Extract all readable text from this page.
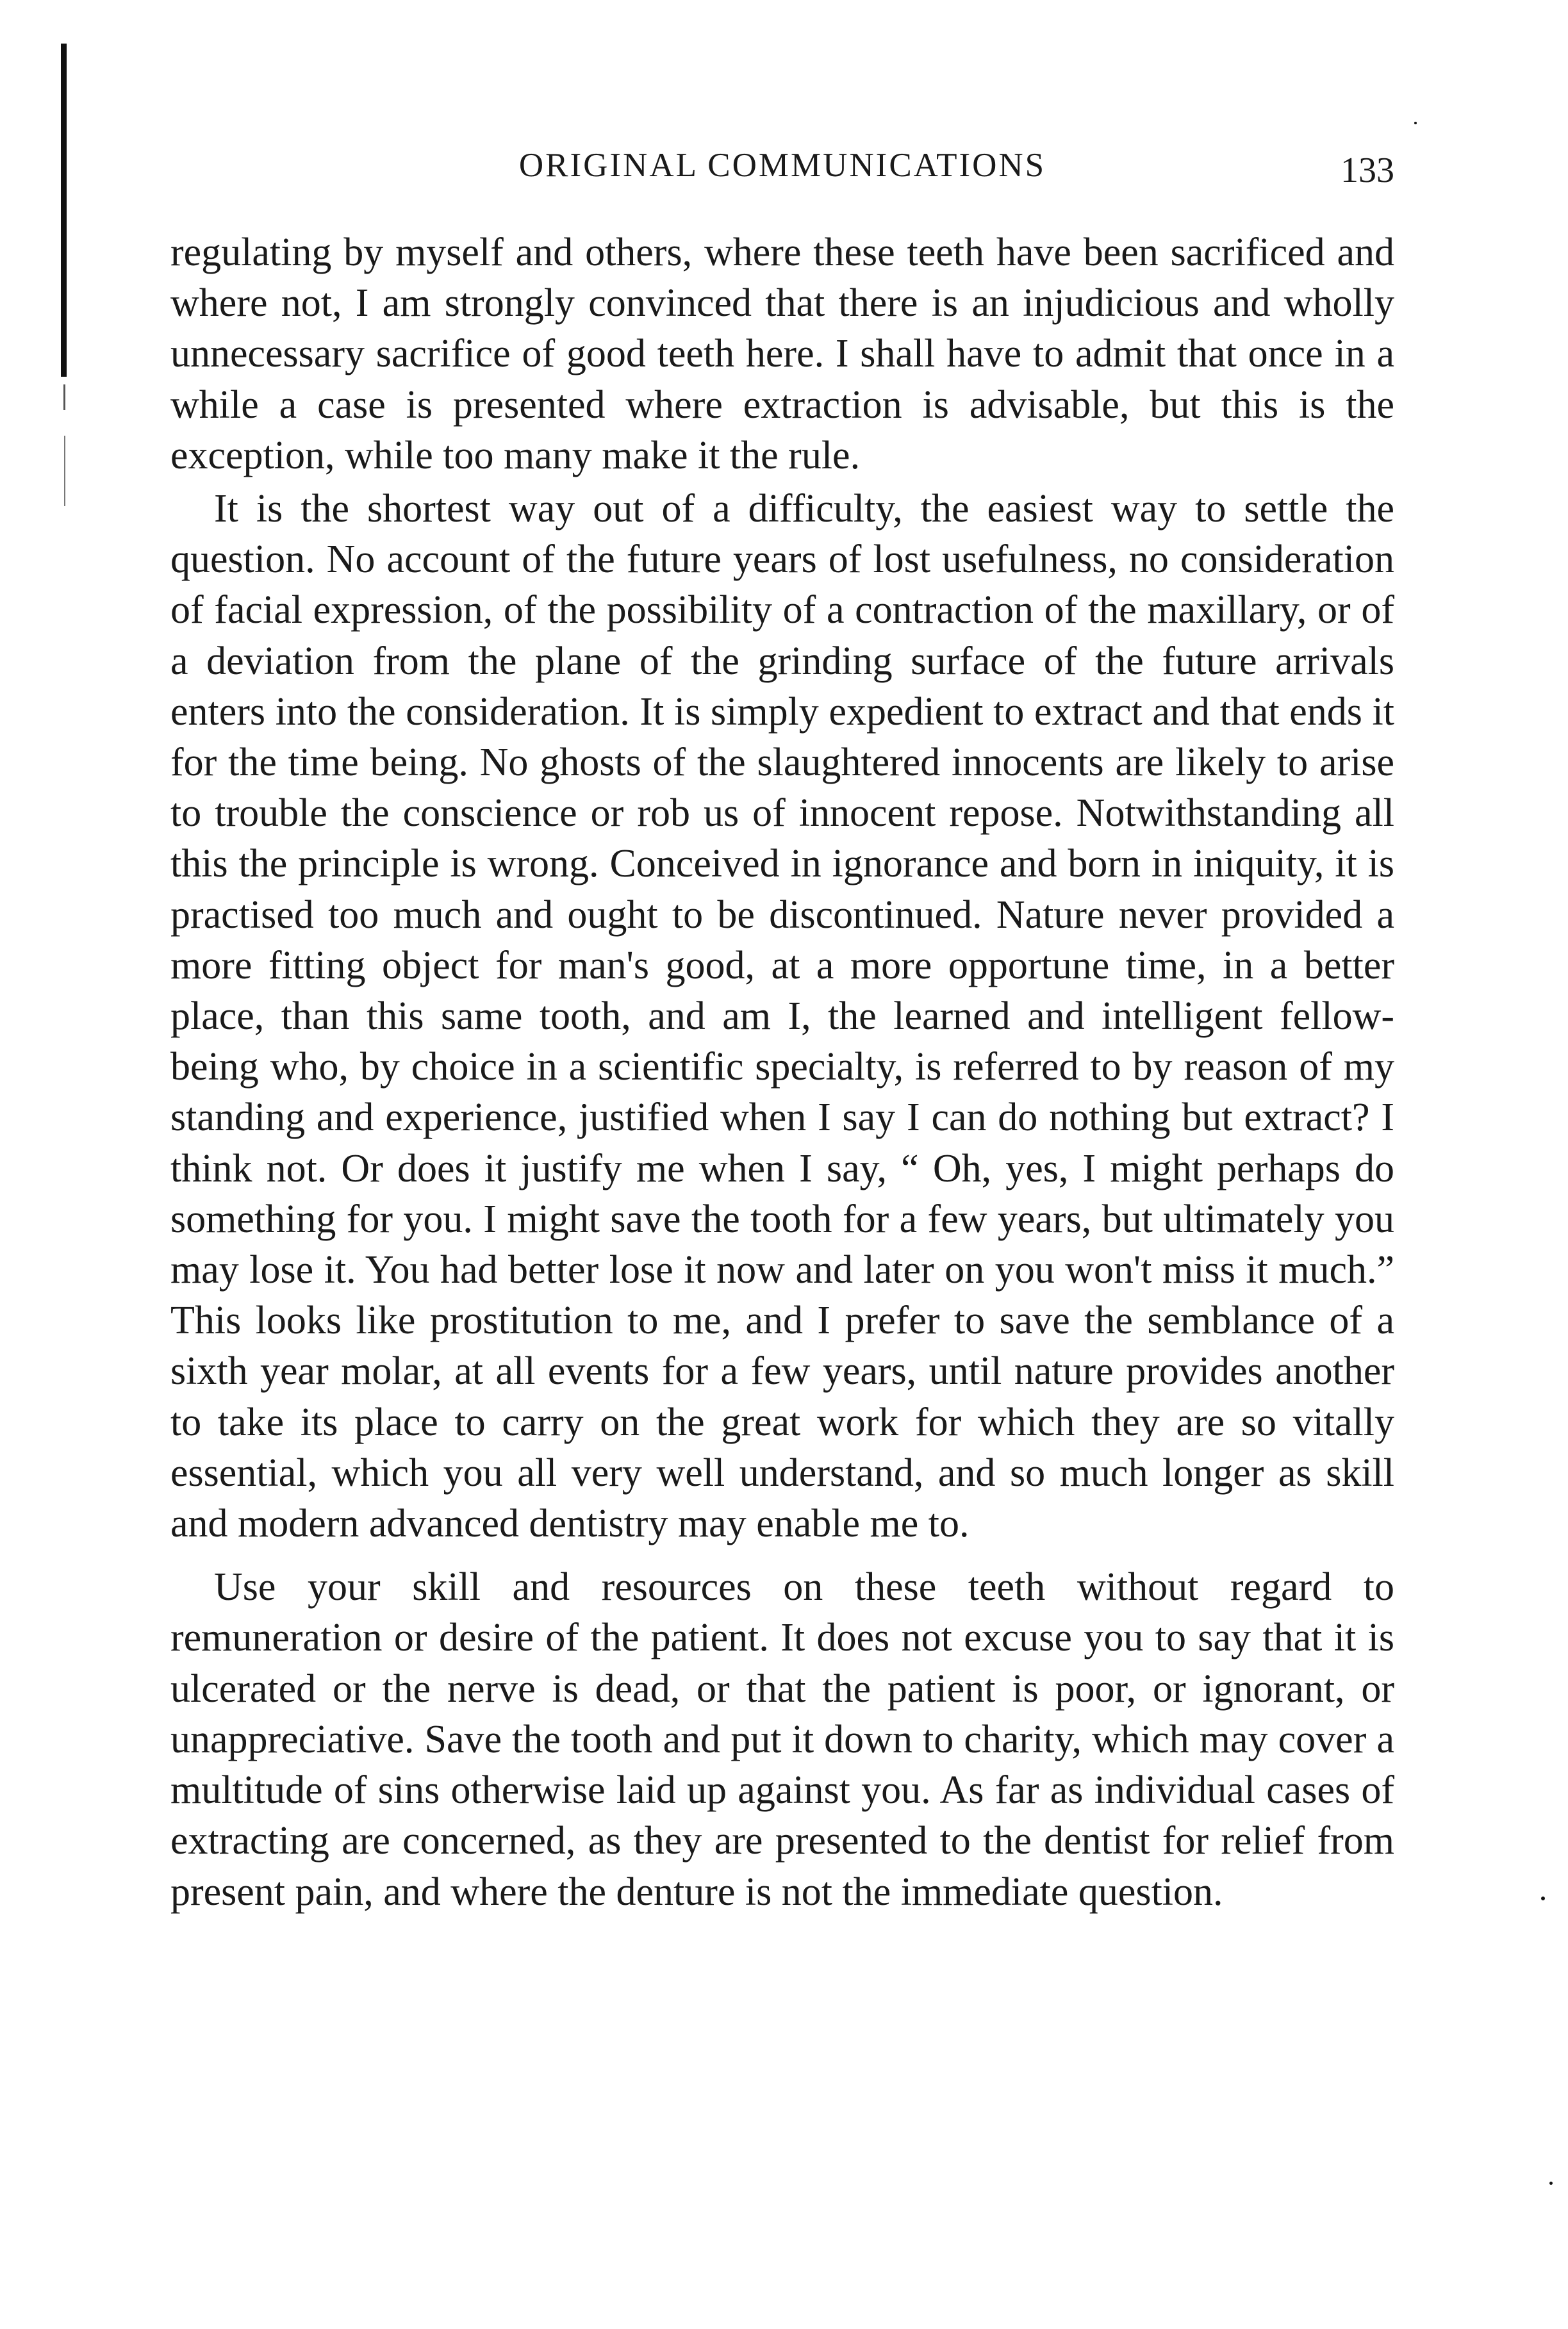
ORIGINAL COMMUNICATIONS	133

regulating by myself and others, where these teeth have been sacrificed and where not, I am strongly convinced that there is an injudicious and wholly unnecessary sacrifice of good teeth here. I shall have to admit that once in a while a case is presented where extraction is advisable, but this is the exception, while too many make it the rule.

It is the shortest way out of a difficulty, the easiest way to settle the question. No account of the future years of lost usefulness, no consideration of facial expression, of the possibility of a contraction of the maxillary, or of a deviation from the plane of the grinding surface of the future arrivals enters into the consideration. It is simply expedient to extract and that ends it for the time being. No ghosts of the slaughtered innocents are likely to arise to trouble the conscience or rob us of innocent repose. Notwithstanding all this the principle is wrong. Conceived in ignorance and born in iniquity, it is practised too much and ought to be discontinued. Nature never provided a more fitting object for man's good, at a more opportune time, in a better place, than this same tooth, and am I, the learned and intelligent fellow-being who, by choice in a scientific specialty, is referred to by reason of my standing and experience, justified when I say I can do nothing but extract? I think not. Or does it justify me when I say, “ Oh, yes, I might perhaps do something for you. I might save the tooth for a few years, but ultimately you may lose it. You had better lose it now and later on you won't miss it much.” This looks like prostitution to me, and I prefer to save the semblance of a sixth year molar, at all events for a few years, until nature provides another to take its place to carry on the great work for which they are so vitally essential, which you all very well understand, and so much longer as skill and modern advanced dentistry may enable me to.

Use your skill and resources on these teeth without regard to remuneration or desire of the patient. It does not excuse you to say that it is ulcerated or the nerve is dead, or that the patient is poor, or ignorant, or unappreciative. Save the tooth and put it down to charity, which may cover a multitude of sins otherwise laid up against you. As far as individual cases of extracting are concerned, as they are presented to the dentist for relief from present pain, and where the denture is not the immediate question.
